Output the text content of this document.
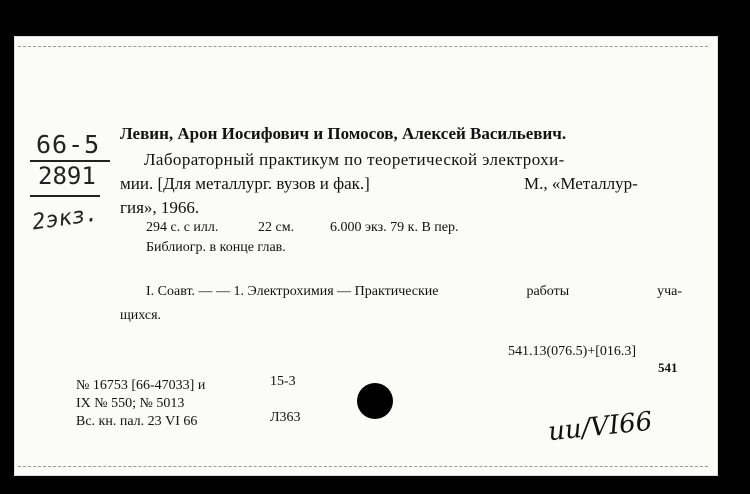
66-5
2891
2экз.
Левин, Арон Иосифович и Помосов, Алексей Васильевич.
Лабораторный практикум по теоретической электрохи-
мии. [Для металлург. вузов и фак.]	М., «Металлур-
гия», 1966.
294 с. с илл.	22 см.	6.000 экз. 79 к. В пер.
Библиогр. в конце глав.
I. Соавт. — — 1. Электрохимия — Практические	работы	уча-
щихся.
541.13(076.5)+[016.3]
541
№ 16753 [66-47033] и	15-3
IX № 550; № 5013
Вс. кн. пал. 23 VI 66	Л363	ии/VI66
